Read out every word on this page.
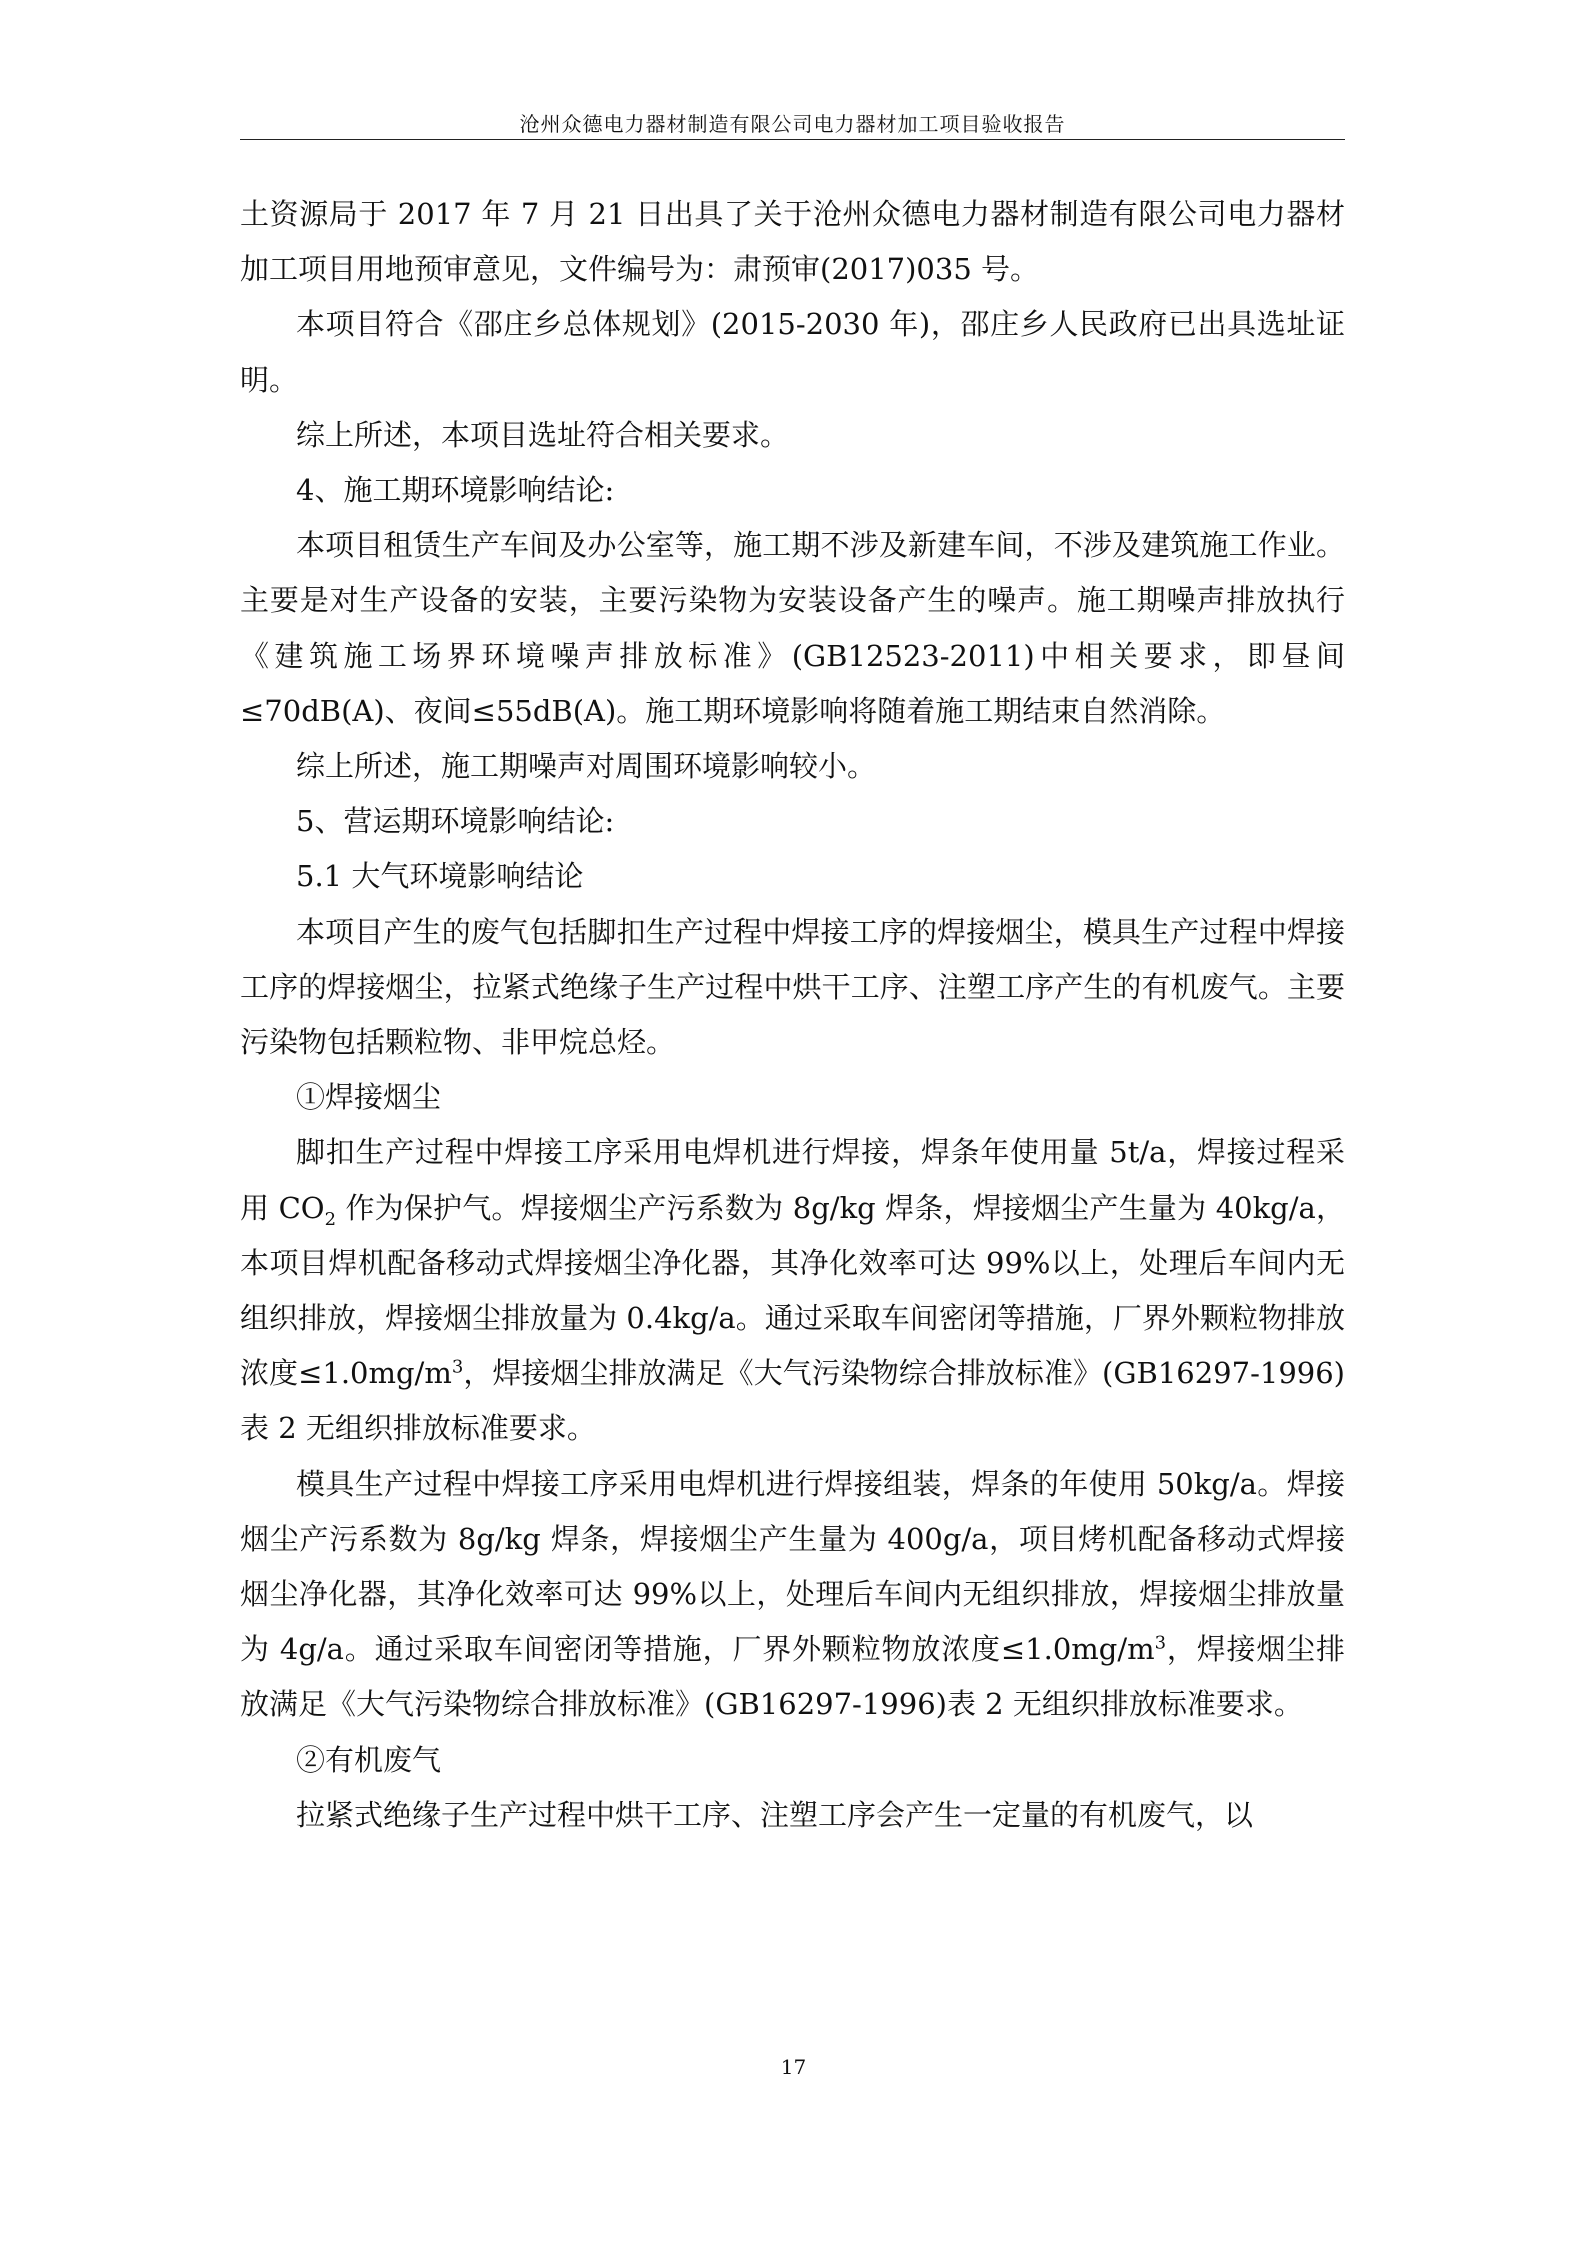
沧州众德电力器材制造有限公司电力器材加工项目验收报告

土资源局于 2017 年 7 月 21 日出具了关于沧州众德电力器材制造有限公司电力器材加工项目用地预审意见，文件编号为：肃预审(2017)035 号。

本项目符合《邵庄乡总体规划》(2015-2030 年)，邵庄乡人民政府已出具选址证明。

综上所述，本项目选址符合相关要求。

4、施工期环境影响结论:

本项目租赁生产车间及办公室等，施工期不涉及新建车间，不涉及建筑施工作业。主要是对生产设备的安装，主要污染物为安装设备产生的噪声。施工期噪声排放执行《建筑施工场界环境噪声排放标准》(GB12523-2011)中相关要求，即昼间≤70dB(A)、夜间≤55dB(A)。施工期环境影响将随着施工期结束自然消除。

综上所述，施工期噪声对周围环境影响较小。

5、营运期环境影响结论:

5.1 大气环境影响结论

本项目产生的废气包括脚扣生产过程中焊接工序的焊接烟尘，模具生产过程中焊接工序的焊接烟尘，拉紧式绝缘子生产过程中烘干工序、注塑工序产生的有机废气。主要污染物包括颗粒物、非甲烷总烃。

①焊接烟尘

脚扣生产过程中焊接工序采用电焊机进行焊接，焊条年使用量 5t/a，焊接过程采用 $CO_2$ 作为保护气。焊接烟尘产污系数为 8g/kg 焊条，焊接烟尘产生量为 40kg/a，本项目焊机配备移动式焊接烟尘净化器，其净化效率可达 99%以上，处理后车间内无组织排放，焊接烟尘排放量为 0.4kg/a。通过采取车间密闭等措施，厂界外颗粒物排放浓度$\le 1.0mg/m^3$，焊接烟尘排放满足《大气污染物综合排放标准》(GB16297-1996)表 2 无组织排放标准要求。

模具生产过程中焊接工序采用电焊机进行焊接组装，焊条的年使用 50kg/a。焊接烟尘产污系数为 8g/kg 焊条，焊接烟尘产生量为 400g/a，项目烤机配备移动式焊接烟尘净化器，其净化效率可达 99%以上，处理后车间内无组织排放，焊接烟尘排放量为 4g/a。通过采取车间密闭等措施，厂界外颗粒物放浓度$\le 1.0mg/m^3$，焊接烟尘排放满足《大气污染物综合排放标准》(GB16297-1996)表 2 无组织排放标准要求。

②有机废气

拉紧式绝缘子生产过程中烘干工序、注塑工序会产生一定量的有机废气，以

17
